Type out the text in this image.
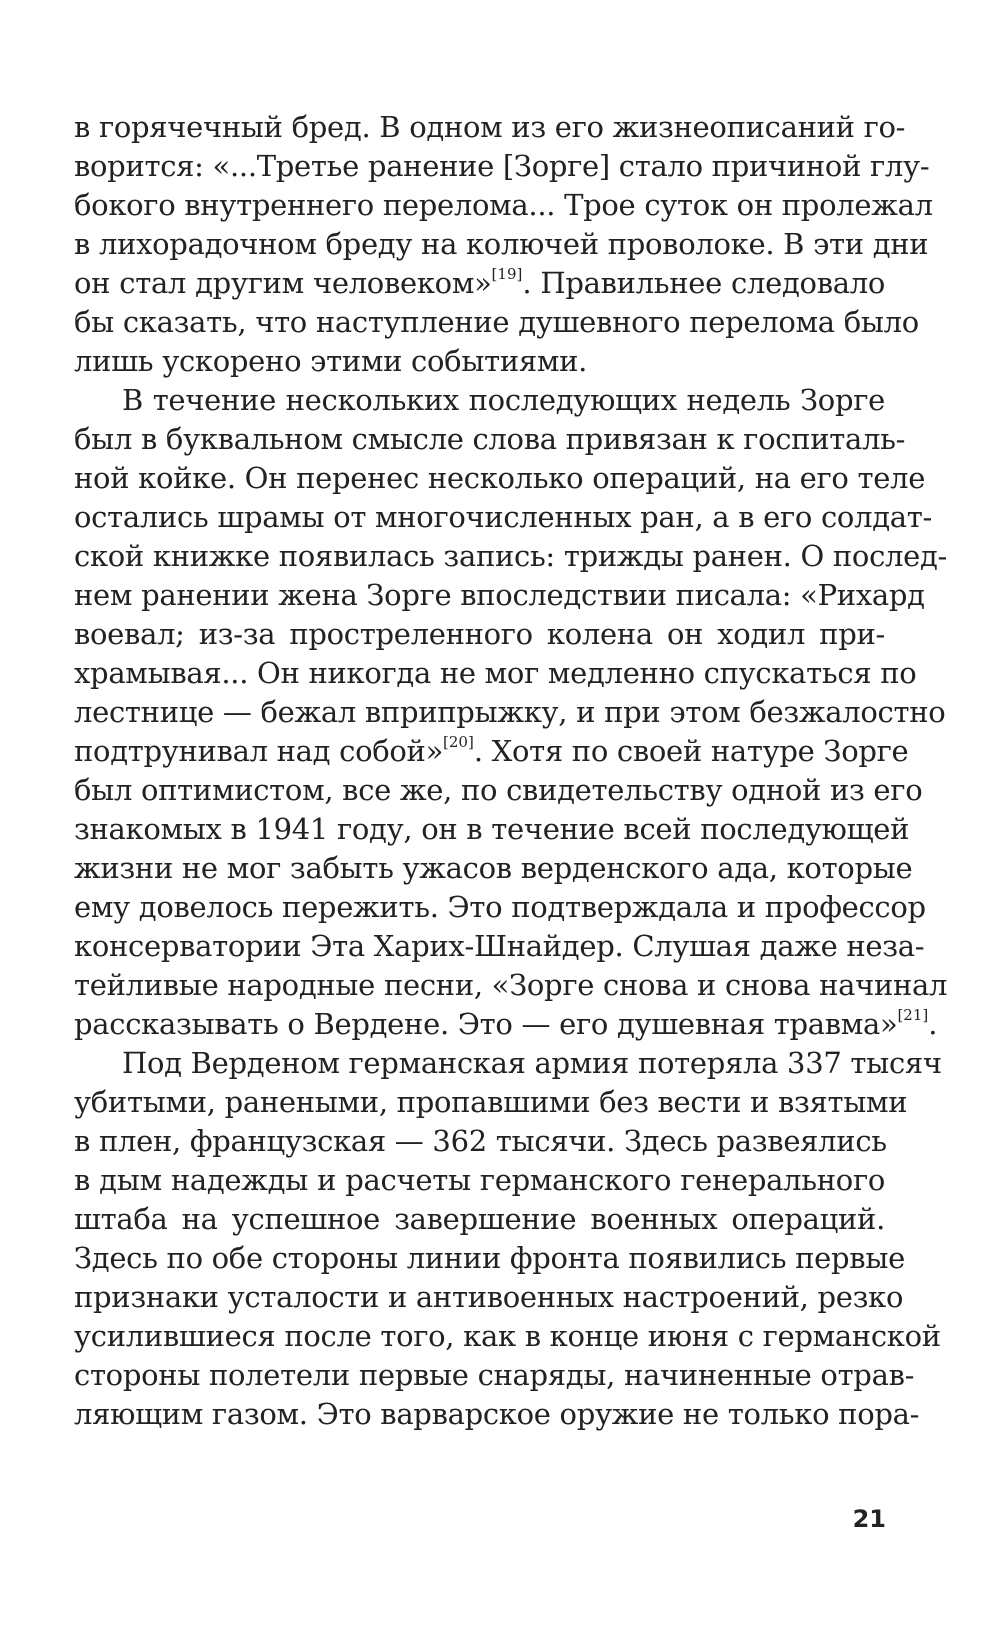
в горячечный бред. В одном из его жизнеописаний го-
ворится: «...Третье ранение [Зорге] стало причиной глу-
бокого внутреннего перелома... Трое суток он пролежал
в лихорадочном бреду на колючей проволоке. В эти дни
он стал другим человеком»[19]. Правильнее следовало
бы сказать, что наступление душевного перелома было
лишь ускорено этими событиями.
В течение нескольких последующих недель Зорге
был в буквальном смысле слова привязан к госпиталь-
ной койке. Он перенес несколько операций, на его теле
остались шрамы от многочисленных ран, а в его солдат-
ской книжке появилась запись: трижды ранен. О послед-
нем ранении жена Зорге впоследствии писала: «Рихард
воевал; из-за простреленного колена он ходил при-
храмывая... Он никогда не мог медленно спускаться по
лестнице — бежал вприпрыжку, и при этом безжалостно
подтрунивал над собой»[20]. Хотя по своей натуре Зорге
был оптимистом, все же, по свидетельству одной из его
знакомых в 1941 году, он в течение всей последующей
жизни не мог забыть ужасов верденского ада, которые
ему довелось пережить. Это подтверждала и профессор
консерватории Эта Харих-Шнайдер. Слушая даже неза-
тейливые народные песни, «Зорге снова и снова начинал
рассказывать о Вердене. Это — его душевная травма»[21].
Под Верденом германская армия потеряла 337 тысяч
убитыми, ранеными, пропавшими без вести и взятыми
в плен, французская — 362 тысячи. Здесь развеялись
в дым надежды и расчеты германского генерального
штаба на успешное завершение военных операций.
Здесь по обе стороны линии фронта появились первые
признаки усталости и антивоенных настроений, резко
усилившиеся после того, как в конце июня с германской
стороны полетели первые снаряды, начиненные отрав-
ляющим газом. Это варварское оружие не только пора-
21
